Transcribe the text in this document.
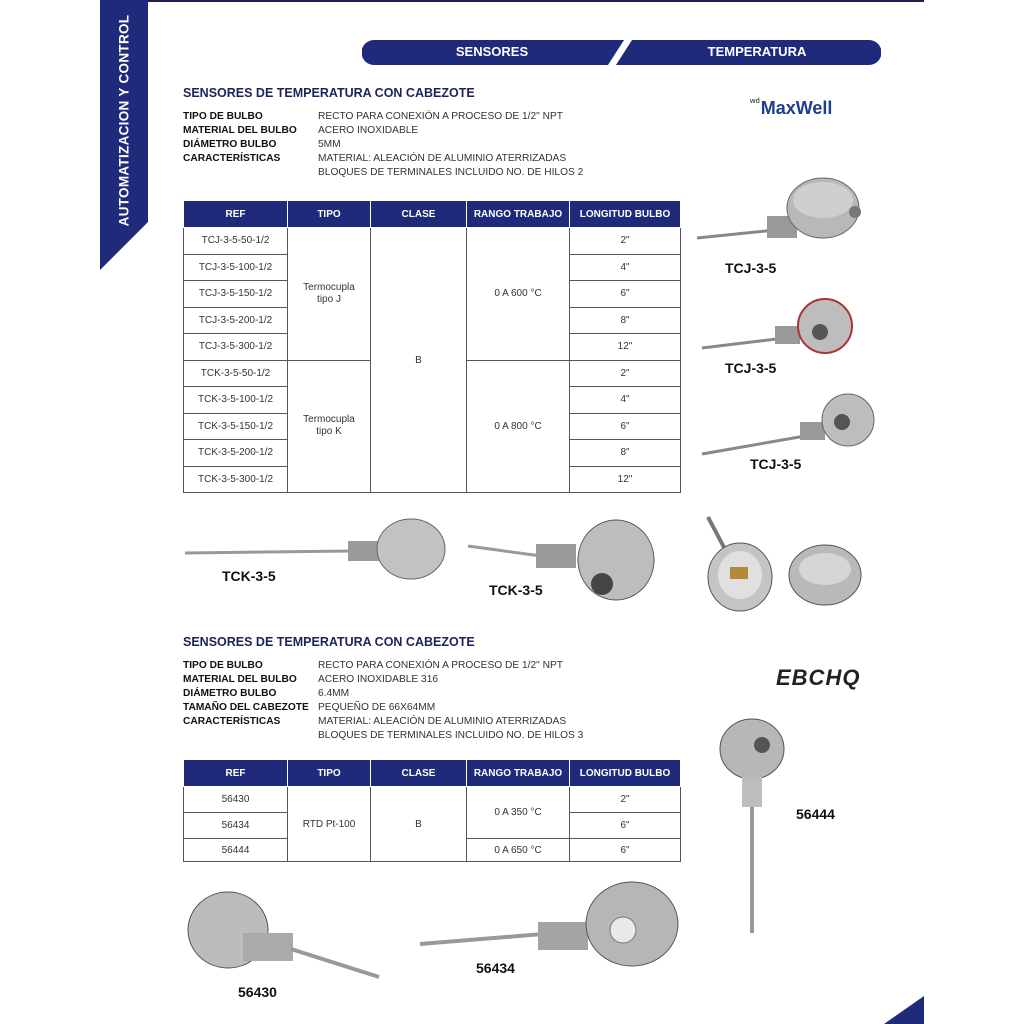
AUTOMATIZACION Y CONTROL	SENSORES	TEMPERATURA
SENSORES DE TEMPERATURA CON CABEZOTE
$^{wd}$MaxWell
TIPO DE BULBO	RECTO PARA CONEXIÓN A PROCESO DE 1/2" NPT
MATERIAL DEL BULBO ACERO INOXIDABLE
DIÁMETRO BULBO	5MM
CARACTERÍSTICAS	MATERIAL: ALEACIÓN DE ALUMINIO ATERRIZADAS
BLOQUES DE TERMINALES INCLUIDO NO. DE HILOS 2
REF	TIPO	CLASE	RANGO TRABAJO	LONGITUD BULBO
TCJ-3-5-50-1/2	Termocupla tipo J	B	0 A 600 °C	2"
TCJ-3-5-100-1/2				4"
TCJ-3-5-150-1/2				6"
TCJ-3-5-200-1/2				8"
TCJ-3-5-300-1/2				12"
TCK-3-5-50-1/2	Termocupla tipo K		0 A 800 °C	2"
TCK-3-5-100-1/2				4"
TCK-3-5-150-1/2				6"
TCK-3-5-200-1/2				8"
TCK-3-5-300-1/2				12"
TCJ-3-5
TCJ-3-5
TCJ-3-5
TCK-3-5
TCK-3-5
SENSORES DE TEMPERATURA CON CABEZOTE
EBCHQ
TIPO DE BULBO	RECTO PARA CONEXIÓN A PROCESO DE 1/2" NPT
MATERIAL DEL BULBO ACERO INOXIDABLE 316
DIÁMETRO BULBO	6.4MM
TAMAÑO DEL CABEZOTE PEQUEÑO DE 66X64MM
CARACTERÍSTICAS	MATERIAL: ALEACIÓN DE ALUMINIO ATERRIZADAS
BLOQUES DE TERMINALES INCLUIDO NO. DE HILOS 3
REF	TIPO	CLASE	RANGO TRABAJO	LONGITUD BULBO
56430	RTD Pt-100	B	0 A 350 °C	2"
56434				6"
56444			0 A 650 °C	6"
56444
56430
56434
